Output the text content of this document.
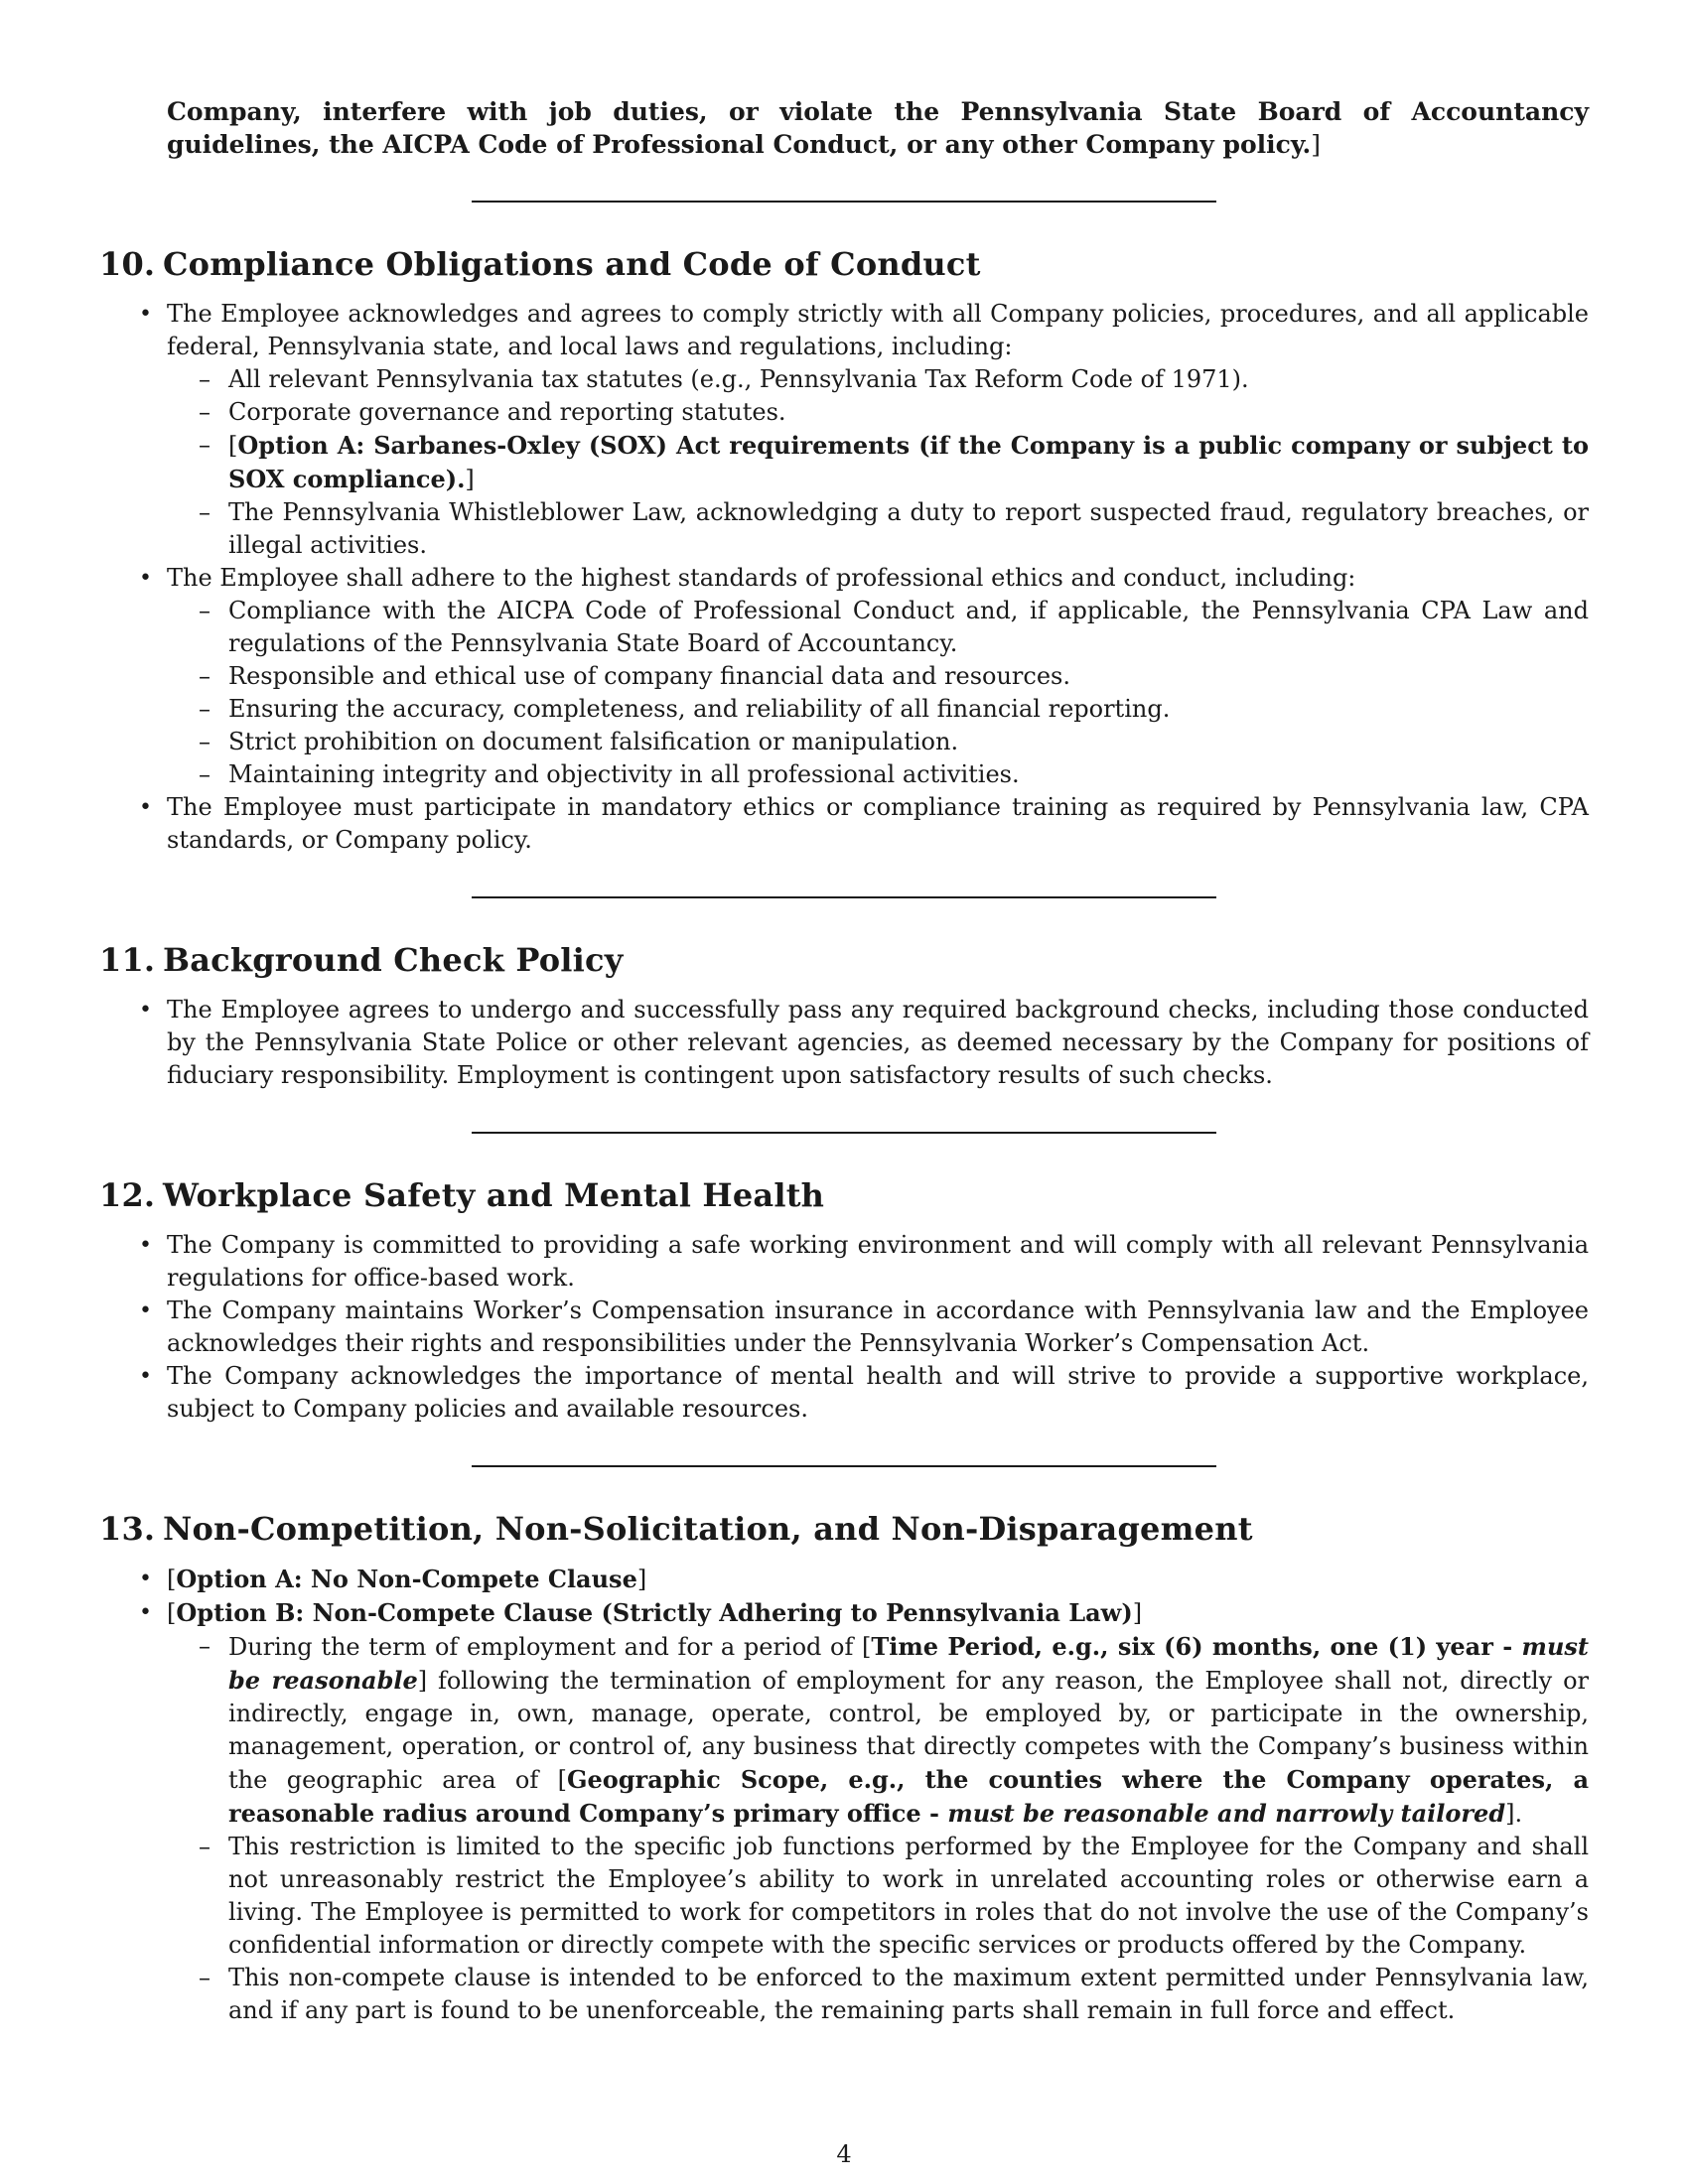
Company, interfere with job duties, or violate the Pennsylvania State Board of Accountancy guidelines, the AICPA Code of Professional Conduct, or any other Company policy.]

10. Compliance Obligations and Code of Conduct
• The Employee acknowledges and agrees to comply strictly with all Company policies, procedures, and all applicable federal, Pennsylvania state, and local laws and regulations, including:
– All relevant Pennsylvania tax statutes (e.g., Pennsylvania Tax Reform Code of 1971).
– Corporate governance and reporting statutes.
– [Option A: Sarbanes-Oxley (SOX) Act requirements (if the Company is a public company or subject to SOX compliance).]
– The Pennsylvania Whistleblower Law, acknowledging a duty to report suspected fraud, regulatory breaches, or illegal activities.
• The Employee shall adhere to the highest standards of professional ethics and conduct, including:
– Compliance with the AICPA Code of Professional Conduct and, if applicable, the Pennsylvania CPA Law and regulations of the Pennsylvania State Board of Accountancy.
– Responsible and ethical use of company financial data and resources.
– Ensuring the accuracy, completeness, and reliability of all financial reporting.
– Strict prohibition on document falsification or manipulation.
– Maintaining integrity and objectivity in all professional activities.
• The Employee must participate in mandatory ethics or compliance training as required by Pennsylvania law, CPA standards, or Company policy.
11. Background Check Policy
• The Employee agrees to undergo and successfully pass any required background checks, including those conducted by the Pennsylvania State Police or other relevant agencies, as deemed necessary by the Company for positions of fiduciary responsibility. Employment is contingent upon satisfactory results of such checks.
12. Workplace Safety and Mental Health
• The Company is committed to providing a safe working environment and will comply with all relevant Pennsylvania regulations for office-based work.
• The Company maintains Worker’s Compensation insurance in accordance with Pennsylvania law and the Employee acknowledges their rights and responsibilities under the Pennsylvania Worker’s Compensation Act.
• The Company acknowledges the importance of mental health and will strive to provide a supportive workplace, subject to Company policies and available resources.
13. Non-Competition, Non-Solicitation, and Non-Disparagement
• [Option A: No Non-Compete Clause]
• [Option B: Non-Compete Clause (Strictly Adhering to Pennsylvania Law)]
– During the term of employment and for a period of [Time Period, e.g., six (6) months, one (1) year - must be reasonable] following the termination of employment for any reason, the Employee shall not, directly or indirectly, engage in, own, manage, operate, control, be employed by, or participate in the ownership, management, operation, or control of, any business that directly competes with the Company’s business within the geographic area of [Geographic Scope, e.g., the counties where the Company operates, a reasonable radius around Company’s primary office - must be reasonable and narrowly tailored].
– This restriction is limited to the specific job functions performed by the Employee for the Company and shall not unreasonably restrict the Employee’s ability to work in unrelated accounting roles or otherwise earn a living. The Employee is permitted to work for competitors in roles that do not involve the use of the Company’s confidential information or directly compete with the specific services or products offered by the Company.
– This non-compete clause is intended to be enforced to the maximum extent permitted under Pennsylvania law, and if any part is found to be unenforceable, the remaining parts shall remain in full force and effect.
4
